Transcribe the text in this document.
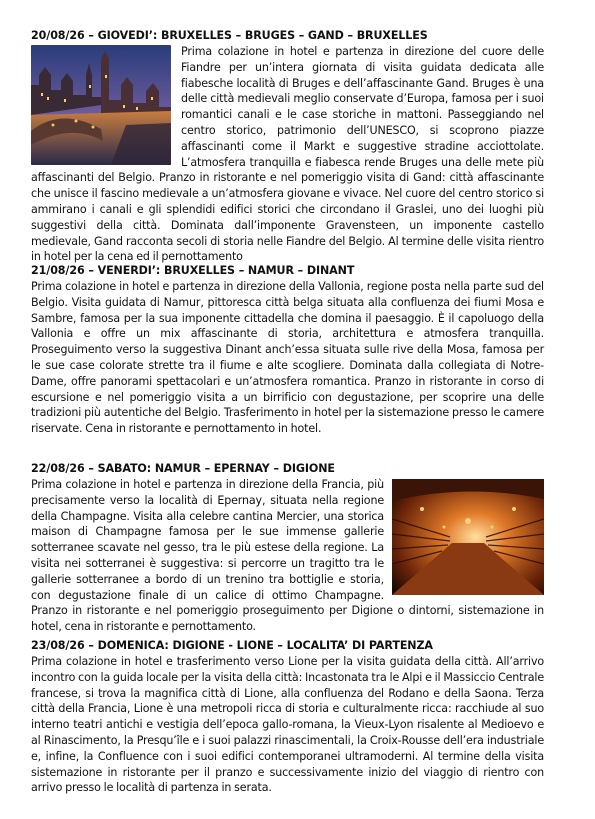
20/08/26 – GIOVEDI’: BRUXELLES – BRUGES – GAND – BRUXELLES

Prima colazione in hotel e partenza in direzione del cuore delle Fiandre per un’intera giornata di visita guidata dedicata alle fiabesche località di Bruges e dell’affascinante Gand. Bruges è una delle città medievali meglio conservate d’Europa, famosa per i suoi romantici canali e le case storiche in mattoni. Passeggiando nel centro storico, patrimonio dell’UNESCO, si scoprono piazze affascinanti come il Markt e suggestive stradine acciottolate. L’atmosfera tranquilla e fiabesca rende Bruges una delle mete più affascinanti del Belgio. Pranzo in ristorante e nel pomeriggio visita di Gand: città affascinante che unisce il fascino medievale a un’atmosfera giovane e vivace. Nel cuore del centro storico si ammirano i canali e gli splendidi edifici storici che circondano il Graslei, uno dei luoghi più suggestivi della città. Dominata dall’imponente Gravensteen, un imponente castello medievale, Gand racconta secoli di storia nelle Fiandre del Belgio. Al termine delle visita rientro in hotel per la cena ed il pernottamento

21/08/26 – VENERDI’: BRUXELLES – NAMUR – DINANT

Prima colazione in hotel e partenza in direzione della Vallonia, regione posta nella parte sud del Belgio. Visita guidata di Namur, pittoresca città belga situata alla confluenza dei fiumi Mosa e Sambre, famosa per la sua imponente cittadella che domina il paesaggio. È il capoluogo della Vallonia e offre un mix affascinante di storia, architettura e atmosfera tranquilla. Proseguimento verso la suggestiva Dinant anch’essa situata sulle rive della Mosa, famosa per le sue case colorate strette tra il fiume e alte scogliere. Dominata dalla collegiata di Notre-Dame, offre panorami spettacolari e un’atmosfera romantica. Pranzo in ristorante in corso di escursione e nel pomeriggio visita a un birrificio con degustazione, per scoprire una delle tradizioni più autentiche del Belgio. Trasferimento in hotel per la sistemazione presso le camere riservate. Cena in ristorante e pernottamento in hotel.

22/08/26 – SABATO: NAMUR – EPERNAY – DIGIONE

Prima colazione in hotel e partenza in direzione della Francia, più precisamente verso la località di Epernay, situata nella regione della Champagne. Visita alla celebre cantina Mercier, una storica maison di Champagne famosa per le sue immense gallerie sotterranee scavate nel gesso, tra le più estese della regione. La visita nei sotterranei è suggestiva: si percorre un tragitto tra le gallerie sotterranee a bordo di un trenino tra bottiglie e storia, con degustazione finale di un calice di ottimo Champagne. Pranzo in ristorante e nel pomeriggio proseguimento per Digione o dintorni, sistemazione in hotel, cena in ristorante e pernottamento.

23/08/26 – DOMENICA: DIGIONE - LIONE – LOCALITA’ DI PARTENZA

Prima colazione in hotel e trasferimento verso Lione per la visita guidata della città. All’arrivo incontro con la guida locale per la visita della città: Incastonata tra le Alpi e il Massiccio Centrale francese, si trova la magnifica città di Lione, alla confluenza del Rodano e della Saona. Terza città della Francia, Lione è una metropoli ricca di storia e culturalmente ricca: racchiude al suo interno teatri antichi e vestigia dell’epoca gallo-romana, la Vieux-Lyon risalente al Medioevo e al Rinascimento, la Presqu’île e i suoi palazzi rinascimentali, la Croix-Rousse dell’era industriale e, infine, la Confluence con i suoi edifici contemporanei ultramoderni. Al termine della visita sistemazione in ristorante per il pranzo e successivamente inizio del viaggio di rientro con arrivo presso le località di partenza in serata.
